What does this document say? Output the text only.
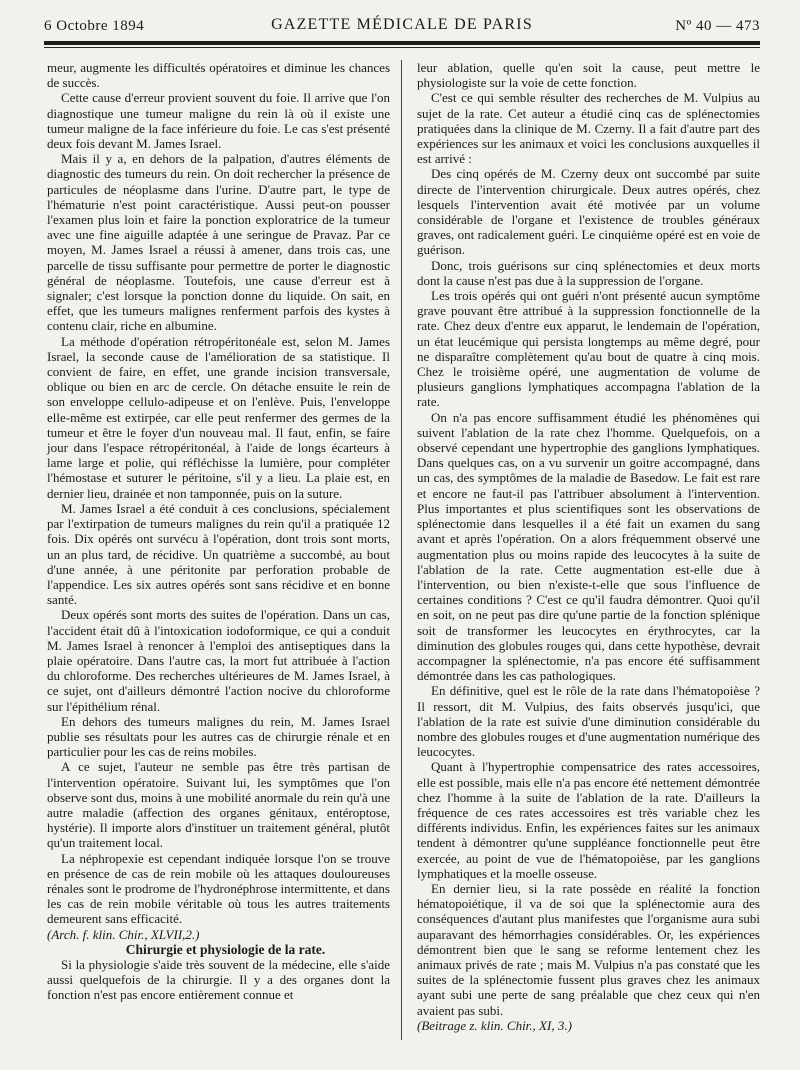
6 Octobre 1894	GAZETTE MÉDICALE DE PARIS	Nº 40 — 473

meur, augmente les difficultés opératoires et diminue les chances de succès.

Cette cause d'erreur provient souvent du foie. Il arrive que l'on diagnostique une tumeur maligne du rein là où il existe une tumeur maligne de la face inférieure du foie. Le cas s'est présenté deux fois devant M. James Israel.

Mais il y a, en dehors de la palpation, d'autres éléments de diagnostic des tumeurs du rein. On doit rechercher la présence de particules de néoplasme dans l'urine. D'autre part, le type de l'hématurie n'est point caractéristique. Aussi peut-on pousser l'examen plus loin et faire la ponction exploratrice de la tumeur avec une fine aiguille adaptée à une seringue de Pravaz. Par ce moyen, M. James Israel a réussi à amener, dans trois cas, une parcelle de tissu suffisante pour permettre de porter le diagnostic général de néoplasme. Toutefois, une cause d'erreur est à signaler; c'est lorsque la ponction donne du liquide. On sait, en effet, que les tumeurs malignes renferment parfois des kystes à contenu clair, riche en albumine.

La méthode d'opération rétropéritonéale est, selon M. James Israel, la seconde cause de l'amélioration de sa statistique. Il convient de faire, en effet, une grande incision transversale, oblique ou bien en arc de cercle. On détache ensuite le rein de son enveloppe cellulo-adipeuse et on l'enlève. Puis, l'enveloppe elle-même est extirpée, car elle peut renfermer des germes de la tumeur et être le foyer d'un nouveau mal. Il faut, enfin, se faire jour dans l'espace rétropéritonéal, à l'aide de longs écarteurs à lame large et polie, qui réfléchisse la lumière, pour compléter l'hémostase et suturer le péritoine, s'il y a lieu. La plaie est, en dernier lieu, drainée et non tamponnée, puis on la suture.

M. James Israel a été conduit à ces conclusions, spécialement par l'extirpation de tumeurs malignes du rein qu'il a pratiquée 12 fois. Dix opérés ont survécu à l'opération, dont trois sont morts, un an plus tard, de récidive. Un quatrième a succombé, au bout d'une année, à une péritonite par perforation probable de l'appendice. Les six autres opérés sont sans récidive et en bonne santé.

Deux opérés sont morts des suites de l'opération. Dans un cas, l'accident était dû à l'intoxication iodoformique, ce qui a conduit M. James Israel à renoncer à l'emploi des antiseptiques dans la plaie opératoire. Dans l'autre cas, la mort fut attribuée à l'action du chloroforme. Des recherches ultérieures de M. James Israel, à ce sujet, ont d'ailleurs démontré l'action nocive du chloroforme sur l'épithélium rénal.

En dehors des tumeurs malignes du rein, M. James Israel publie ses résultats pour les autres cas de chirurgie rénale et en particulier pour les cas de reins mobiles.

A ce sujet, l'auteur ne semble pas être très partisan de l'intervention opératoire. Suivant lui, les symptômes que l'on observe sont dus, moins à une mobilité anormale du rein qu'à une autre maladie (affection des organes génitaux, entéroptose, hystérie). Il importe alors d'instituer un traitement général, plutôt qu'un traitement local.

La néphropexie est cependant indiquée lorsque l'on se trouve en présence de cas de rein mobile où les attaques douloureuses rénales sont le prodrome de l'hydronéphrose intermittente, et dans les cas de rein mobile véritable où tous les autres traitements demeurent sans efficacité.

(Arch. f. klin. Chir., XLVII,2.)

Chirurgie et physiologie de la rate.

Si la physiologie s'aide très souvent de la médecine, elle s'aide aussi quelquefois de la chirurgie. Il y a des organes dont la fonction n'est pas encore entièrement connue et

leur ablation, quelle qu'en soit la cause, peut mettre le physiologiste sur la voie de cette fonction.

C'est ce qui semble résulter des recherches de M. Vulpius au sujet de la rate. Cet auteur a étudié cinq cas de splénectomies pratiquées dans la clinique de M. Czerny. Il a fait d'autre part des expériences sur les animaux et voici les conclusions auxquelles il est arrivé :

Des cinq opérés de M. Czerny deux ont succombé par suite directe de l'intervention chirurgicale. Deux autres opérés, chez lesquels l'intervention avait été motivée par un volume considérable de l'organe et l'existence de troubles généraux graves, ont radicalement guéri. Le cinquième opéré est en voie de guérison.

Donc, trois guérisons sur cinq splénectomies et deux morts dont la cause n'est pas due à la suppression de l'organe.

Les trois opérés qui ont guéri n'ont présenté aucun symptôme grave pouvant être attribué à la suppression fonctionnelle de la rate. Chez deux d'entre eux apparut, le lendemain de l'opération, un état leucémique qui persista longtemps au même degré, pour ne disparaître complètement qu'au bout de quatre à cinq mois. Chez le troisième opéré, une augmentation de volume de plusieurs ganglions lymphatiques accompagna l'ablation de la rate.

On n'a pas encore suffisamment étudié les phénomènes qui suivent l'ablation de la rate chez l'homme. Quelquefois, on a observé cependant une hypertrophie des ganglions lymphatiques. Dans quelques cas, on a vu survenir un goitre accompagné, dans un cas, des symptômes de la maladie de Basedow. Le fait est rare et encore ne faut-il pas l'attribuer absolument à l'intervention. Plus importantes et plus scientifiques sont les observations de splénectomie dans lesquelles il a été fait un examen du sang avant et après l'opération. On a alors fréquemment observé une augmentation plus ou moins rapide des leucocytes à la suite de l'ablation de la rate. Cette augmentation est-elle due à l'intervention, ou bien n'existe-t-elle que sous l'influence de certaines conditions ? C'est ce qu'il faudra démontrer. Quoi qu'il en soit, on ne peut pas dire qu'une partie de la fonction splénique soit de transformer les leucocytes en érythrocytes, car la diminution des globules rouges qui, dans cette hypothèse, devrait accompagner la splénectomie, n'a pas encore été suffisamment démontrée dans les cas pathologiques.

En définitive, quel est le rôle de la rate dans l'hématopoièse ? Il ressort, dit M. Vulpius, des faits observés jusqu'ici, que l'ablation de la rate est suivie d'une diminution considérable du nombre des globules rouges et d'une augmentation numérique des leucocytes.

Quant à l'hypertrophie compensatrice des rates accessoires, elle est possible, mais elle n'a pas encore été nettement démontrée chez l'homme à la suite de l'ablation de la rate. D'ailleurs la fréquence de ces rates accessoires est très variable chez les différents individus. Enfin, les expériences faites sur les animaux tendent à démontrer qu'une suppléance fonctionnelle peut être exercée, au point de vue de l'hématopoièse, par les ganglions lymphatiques et la moelle osseuse.

En dernier lieu, si la rate possède en réalité la fonction hématopoiétique, il va de soi que la splénectomie aura des conséquences d'autant plus manifestes que l'organisme aura subi auparavant des hémorrhagies considérables. Or, les expériences démontrent bien que le sang se reforme lentement chez les animaux privés de rate ; mais M. Vulpius n'a pas constaté que les suites de la splénectomie fussent plus graves chez les animaux ayant subi une perte de sang préalable que chez ceux qui n'en avaient pas subi.

(Beitrage z. klin. Chir., XI, 3.)
